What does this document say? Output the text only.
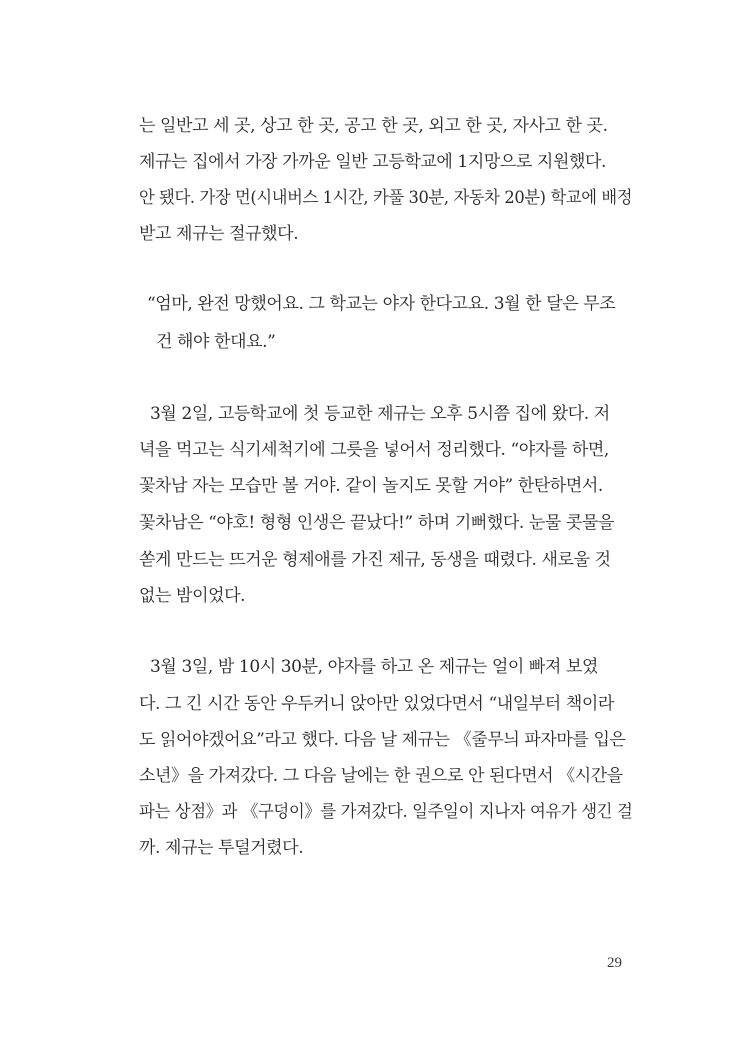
는 일반고 세 곳, 상고 한 곳, 공고 한 곳, 외고 한 곳, 자사고 한 곳.
제규는 집에서 가장 가까운 일반 고등학교에 1지망으로 지원했다.
안 됐다. 가장 먼(시내버스 1시간, 카풀 30분, 자동차 20분) 학교에 배정
받고 제규는 절규했다.
“엄마, 완전 망했어요. 그 학교는 야자 한다고요. 3월 한 달은 무조
건 해야 한대요.”
3월 2일, 고등학교에 첫 등교한 제규는 오후 5시쯤 집에 왔다. 저
녁을 먹고는 식기세척기에 그릇을 넣어서 정리했다. “야자를 하면,
꽃차남 자는 모습만 볼 거야. 같이 놀지도 못할 거야” 한탄하면서.
꽃차남은 “야호! 형형 인생은 끝났다!” 하며 기뻐했다. 눈물 콧물을
쏟게 만드는 뜨거운 형제애를 가진 제규, 동생을 때렸다. 새로울 것
없는 밤이었다.
3월 3일, 밤 10시 30분, 야자를 하고 온 제규는 얼이 빠져 보였
다. 그 긴 시간 동안 우두커니 앉아만 있었다면서 “내일부터 책이라
도 읽어야겠어요”라고 했다. 다음 날 제규는 《줄무늬 파자마를 입은
소년》을 가져갔다. 그 다음 날에는 한 권으로 안 된다면서 《시간을
파는 상점》과 《구덩이》를 가져갔다. 일주일이 지나자 여유가 생긴 걸
까. 제규는 투덜거렸다.
29
